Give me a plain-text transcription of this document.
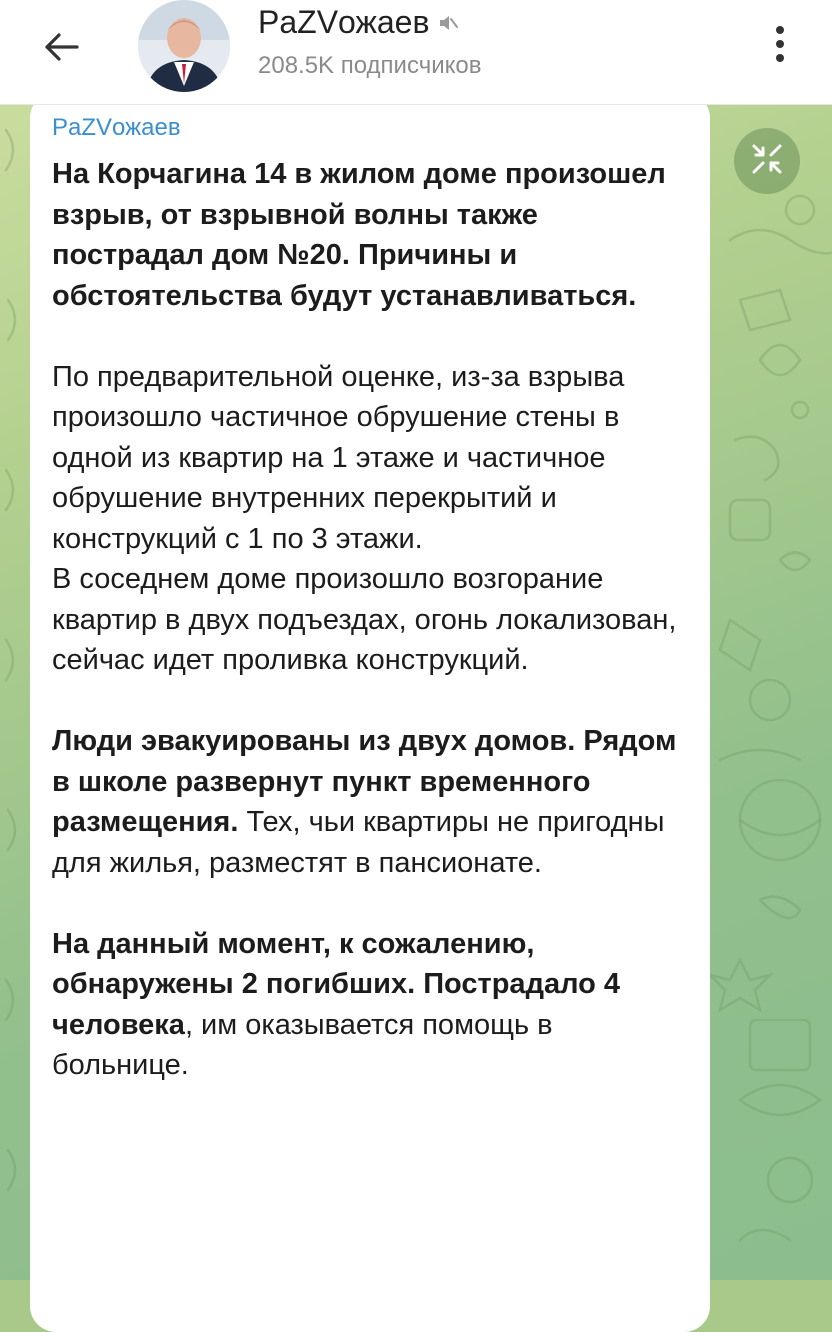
PaZVожаев
208.5K подписчиков
PaZVожаев

На Корчагина 14 в жилом доме произошел взрыв, от взрывной волны также пострадал дом №20. Причины и обстоятельства будут устанавливаться.

По предварительной оценке, из-за взрыва произошло частичное обрушение стены в одной из квартир на 1 этаже и частичное обрушение внутренних перекрытий и конструкций с 1 по 3 этажи.

В соседнем доме произошло возгорание квартир в двух подъездах, огонь локализован, сейчас идет проливка конструкций.

Люди эвакуированы из двух домов. Рядом в школе развернут пункт временного размещения. Тех, чьи квартиры не пригодны для жилья, разместят в пансионате.

На данный момент, к сожалению, обнаружены 2 погибших. Пострадало 4 человека, им оказывается помощь в больнице.
